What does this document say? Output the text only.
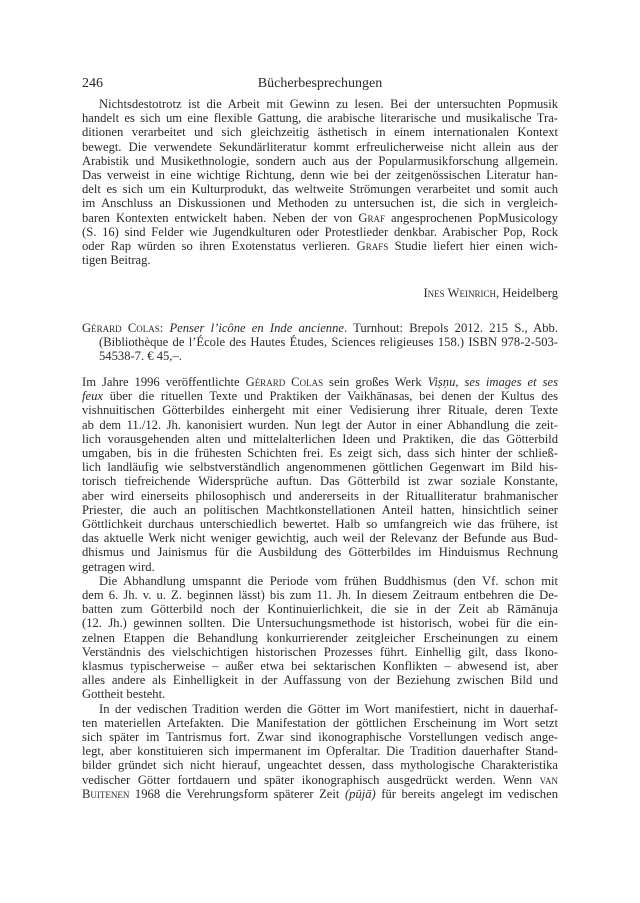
246	Bücherbesprechungen
Nichtsdestotrotz ist die Arbeit mit Gewinn zu lesen. Bei der untersuchten Popmusik
handelt es sich um eine flexible Gattung, die arabische literarische und musikalische Tra-
ditionen verarbeitet und sich gleichzeitig ästhetisch in einem internationalen Kontext
bewegt. Die verwendete Sekundärliteratur kommt erfreulicherweise nicht allein aus der
Arabistik und Musikethnologie, sondern auch aus der Popularmusikforschung allgemein.
Das verweist in eine wichtige Richtung, denn wie bei der zeitgenössischen Literatur han-
delt es sich um ein Kulturprodukt, das weltweite Strömungen verarbeitet und somit auch
im Anschluss an Diskussionen und Methoden zu untersuchen ist, die sich in vergleich-
baren Kontexten entwickelt haben. Neben der von Graf angesprochenen PopMusicology
(S. 16) sind Felder wie Jugendkulturen oder Protestlieder denkbar. Arabischer Pop, Rock
oder Rap würden so ihren Exotenstatus verlieren. Grafs Studie liefert hier einen wich-
tigen Beitrag.
Ines Weinrich, Heidelberg
Gérard Colas: Penser l’icône en Inde ancienne. Turnhout: Brepols 2012. 215 S., Abb.
(Bibliothèque de l’École des Hautes Études, Sciences religieuses 158.) ISBN 978-2-503-
54538-7. € 45,–.
Im Jahre 1996 veröffentlichte Gérard Colas sein großes Werk Viṣṇu, ses images et ses
feux über die rituellen Texte und Praktiken der Vaikhānasas, bei denen der Kultus des
vishnuitischen Götterbildes einhergeht mit einer Vedisierung ihrer Rituale, deren Texte
ab dem 11./12. Jh. kanonisiert wurden. Nun legt der Autor in einer Abhandlung die zeit-
lich vorausgehenden alten und mittelalterlichen Ideen und Praktiken, die das Götterbild
umgaben, bis in die frühesten Schichten frei. Es zeigt sich, dass sich hinter der schließ-
lich landläufig wie selbstverständlich angenommenen göttlichen Gegenwart im Bild his-
torisch tiefreichende Widersprüche auftun. Das Götterbild ist zwar soziale Konstante,
aber wird einerseits philosophisch und andererseits in der Ritualliteratur brahmanischer
Priester, die auch an politischen Machtkonstellationen Anteil hatten, hinsichtlich seiner
Göttlichkeit durchaus unterschiedlich bewertet. Halb so umfangreich wie das frühere, ist
das aktuelle Werk nicht weniger gewichtig, auch weil der Relevanz der Befunde aus Bud-
dhismus und Jainismus für die Ausbildung des Götterbildes im Hinduismus Rechnung
getragen wird.
Die Abhandlung umspannt die Periode vom frühen Buddhismus (den Vf. schon mit
dem 6. Jh. v. u. Z. beginnen lässt) bis zum 11. Jh. In diesem Zeitraum entbehren die De-
batten zum Götterbild noch der Kontinuierlichkeit, die sie in der Zeit ab Rāmānuja
(12. Jh.) gewinnen sollten. Die Untersuchungsmethode ist historisch, wobei für die ein-
zelnen Etappen die Behandlung konkurrierender zeitgleicher Erscheinungen zu einem
Verständnis des vielschichtigen historischen Prozesses führt. Einhellig gilt, dass Ikono-
klasmus typischerweise – außer etwa bei sektarischen Konflikten – abwesend ist, aber
alles andere als Einhelligkeit in der Auffassung von der Beziehung zwischen Bild und
Gottheit besteht.
In der vedischen Tradition werden die Götter im Wort manifestiert, nicht in dauerhaf-
ten materiellen Artefakten. Die Manifestation der göttlichen Erscheinung im Wort setzt
sich später im Tantrismus fort. Zwar sind ikonographische Vorstellungen vedisch ange-
legt, aber konstituieren sich impermanent im Opferaltar. Die Tradition dauerhafter Stand-
bilder gründet sich nicht hierauf, ungeachtet dessen, dass mythologische Charakteristika
vedischer Götter fortdauern und später ikonographisch ausgedrückt werden. Wenn van
Buitenen 1968 die Verehrungsform späterer Zeit (pūjā) für bereits angelegt im vedischen
